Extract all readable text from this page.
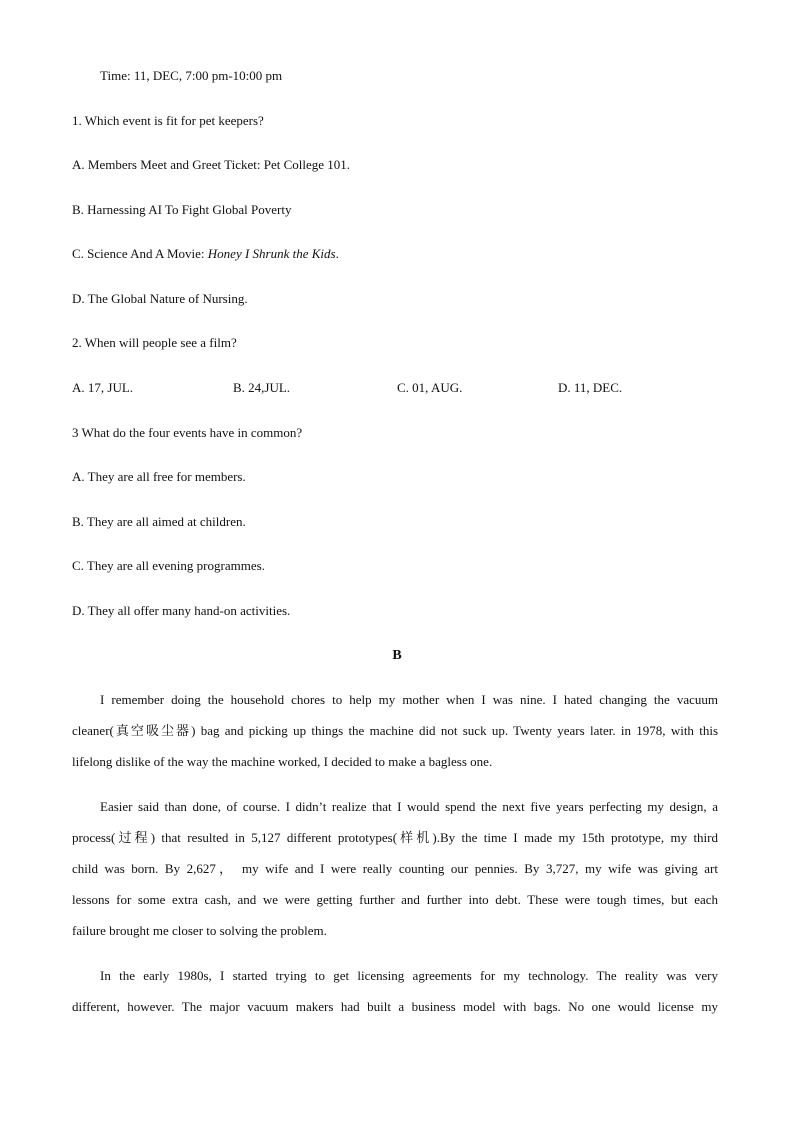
Time: 11, DEC, 7:00 pm-10:00 pm
1. Which event is fit for pet keepers?
A. Members Meet and Greet Ticket: Pet College 101.
B. Harnessing AI To Fight Global Poverty
C. Science And A Movie: Honey I Shrunk the Kids.
D. The Global Nature of Nursing.
2. When will people see a film?
A. 17, JUL.	B. 24,JUL.	C. 01, AUG.	D. 11, DEC.
3 What do the four events have in common?
A. They are all free for members.
B. They are all aimed at children.
C. They are all evening programmes.
D. They all offer many hand-on activities.
B
I remember doing the household chores to help my mother when I was nine. I hated changing the vacuum
cleaner(真空吸尘器) bag and picking up things the machine did not suck up. Twenty years later. in 1978, with this
lifelong dislike of the way the machine worked, I decided to make a bagless one.
Easier said than done, of course. I didn’t realize that I would spend the next five years perfecting my design, a
process(过程) that resulted in 5,127 different prototypes(样机).By the time I made my 15th prototype, my third
child was born. By 2,627， my wife and I were really counting our pennies. By 3,727, my wife was giving art
lessons for some extra cash, and we were getting further and further into debt. These were tough times, but each
failure brought me closer to solving the problem.
In the early 1980s, I started trying to get licensing agreements for my technology. The reality was very
different, however. The major vacuum makers had built a business model with bags. No one would license my
